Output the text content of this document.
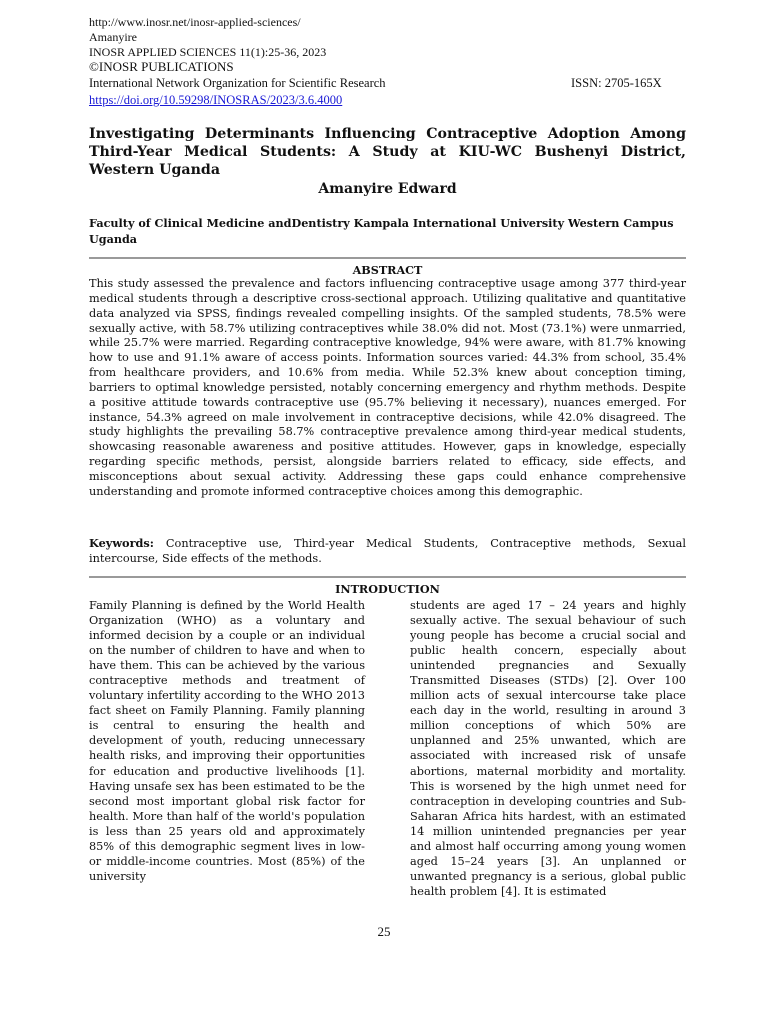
http://www.inosr.net/inosr-applied-sciences/
Amanyire
INOSR APPLIED SCIENCES 11(1):25-36, 2023
©INOSR PUBLICATIONS
International Network Organization for Scientific Research	ISSN: 2705-165X
https://doi.org/10.59298/INOSRAS/2023/3.6.4000
Investigating Determinants Influencing Contraceptive Adoption Among Third-Year Medical Students: A Study at KIU-WC Bushenyi District, Western Uganda
Amanyire Edward

Faculty of Clinical Medicine andDentistry Kampala International University Western Campus Uganda

ABSTRACT

This study assessed the prevalence and factors influencing contraceptive usage among 377 third-year medical students through a descriptive cross-sectional approach. Utilizing qualitative and quantitative data analyzed via SPSS, findings revealed compelling insights. Of the sampled students, 78.5% were sexually active, with 58.7% utilizing contraceptives while 38.0% did not. Most (73.1%) were unmarried, while 25.7% were married. Regarding contraceptive knowledge, 94% were aware, with 81.7% knowing how to use and 91.1% aware of access points. Information sources varied: 44.3% from school, 35.4% from healthcare providers, and 10.6% from media. While 52.3% knew about conception timing, barriers to optimal knowledge persisted, notably concerning emergency and rhythm methods. Despite a positive attitude towards contraceptive use (95.7% believing it necessary), nuances emerged. For instance, 54.3% agreed on male involvement in contraceptive decisions, while 42.0% disagreed. The study highlights the prevailing 58.7% contraceptive prevalence among third-year medical students, showcasing reasonable awareness and positive attitudes. However, gaps in knowledge, especially regarding specific methods, persist, alongside barriers related to efficacy, side effects, and misconceptions about sexual activity. Addressing these gaps could enhance comprehensive understanding and promote informed contraceptive choices among this demographic.

Keywords: Contraceptive use, Third-year Medical Students, Contraceptive methods, Sexual intercourse, Side effects of the methods.

INTRODUCTION

Family Planning is defined by the World Health Organization (WHO) as a voluntary and informed decision by a couple or an individual on the number of children to have and when to have them. This can be achieved by the various contraceptive methods and treatment of voluntary infertility according to the WHO 2013 fact sheet on Family Planning. Family planning is central to ensuring the health and development of youth, reducing unnecessary health risks, and improving their opportunities for education and productive livelihoods [1]. Having unsafe sex has been estimated to be the second most important global risk factor for health. More than half of the world's population is less than 25 years old and approximately 85% of this demographic segment lives in low- or middle-income countries. Most (85%) of the university

students are aged 17 – 24 years and highly sexually active. The sexual behaviour of such young people has become a crucial social and public health concern, especially about unintended pregnancies and Sexually Transmitted Diseases (STDs) [2]. Over 100 million acts of sexual intercourse take place each day in the world, resulting in around 3 million conceptions of which 50% are unplanned and 25% unwanted, which are associated with increased risk of unsafe abortions, maternal morbidity and mortality. This is worsened by the high unmet need for contraception in developing countries and Sub-Saharan Africa hits hardest, with an estimated 14 million unintended pregnancies per year and almost half occurring among young women aged 15–24 years [3]. An unplanned or unwanted pregnancy is a serious, global public health problem [4]. It is estimated

25
